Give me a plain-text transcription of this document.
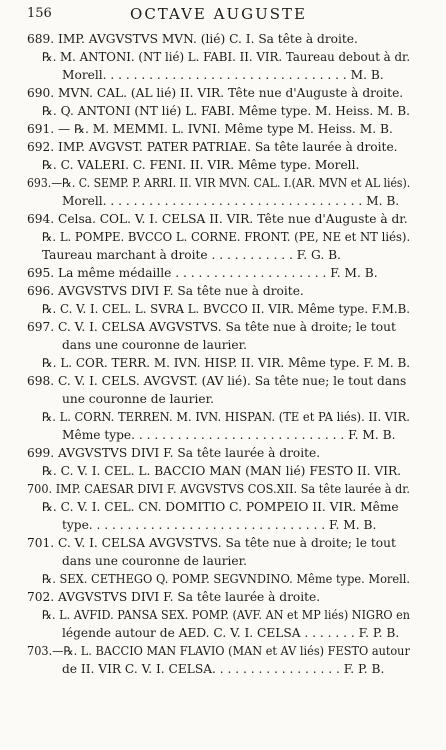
156	OCTAVE AUGUSTE
689. IMP. AVGVSTVS MVN. (lié) C. I. Sa tête à droite.
℞. M. ANTONI. (NT lié) L. FABI. II. VIR. Taureau debout à dr.
Morell. . . . . . . . . . . . . . . . . . . . . . . . . . . . . . . . M. B.
690. MVN. CAL. (AL lié) II. VIR. Tête nue d'Auguste à droite.
℞. Q. ANTONI (NT lié) L. FABI. Même type. M. Heiss. M. B.
691. — ℞. M. MEMMI. L. IVNI. Même type M. Heiss. M. B.
692. IMP. AVGVST. PATER PATRIAE. Sa tête laurée à droite.
℞. C. VALERI. C. FENI. II. VIR. Même type. Morell.
693.—℞. C. SEMP. P. ARRI. II. VIR MVN. CAL. I.(AR. MVN et AL liés).
Morell. . . . . . . . . . . . . . . . . . . . . . . . . . . . . . . . . . M. B.
694. Celsa. COL. V. I. CELSA II. VIR. Tête nue d'Auguste à dr.
℞. L. POMPE. BVCCO L. CORNE. FRONT. (PE, NE et NT liés).
Taureau marchant à droite . . . . . . . . . . . F. G. B.
695. La même médaille . . . . . . . . . . . . . . . . . . . . F. M. B.
696. AVGVSTVS DIVI F. Sa tête nue à droite.
℞. C. V. I. CEL. L. SVRA L. BVCCO II. VIR. Même type. F.M.B.
697. C. V. I. CELSA AVGVSTVS. Sa tête nue à droite; le tout
dans une couronne de laurier.
℞. L. COR. TERR. M. IVN. HISP. II. VIR. Même type. F. M. B.
698. C. V. I. CELS. AVGVST. (AV lié). Sa tête nue; le tout dans
une couronne de laurier.
℞. L. CORN. TERREN. M. IVN. HISPAN. (TE et PA liés). II. VIR.
Même type. . . . . . . . . . . . . . . . . . . . . . . . . . . . F. M. B.
699. AVGVSTVS DIVI F. Sa tête laurée à droite.
℞. C. V. I. CEL. L. BACCIO MAN (MAN lié) FESTO II. VIR.
700. IMP. CAESAR DIVI F. AVGVSTVS COS.XII. Sa tête laurée à dr.
℞. C. V. I. CEL. CN. DOMITIO C. POMPEIO II. VIR. Même
type. . . . . . . . . . . . . . . . . . . . . . . . . . . . . . . F. M. B.
701. C. V. I. CELSA AVGVSTVS. Sa tête nue à droite; le tout
dans une couronne de laurier.
℞. SEX. CETHEGO Q. POMP. SEGVNDINO. Même type. Morell.
702. AVGVSTVS DIVI F. Sa tête laurée à droite.
℞. L. AVFID. PANSA SEX. POMP. (AVF. AN et MP liés) NIGRO en
légende autour de AED. C. V. I. CELSA . . . . . . . F. P. B.
703.—℞. L. BACCIO MAN FLAVIO (MAN et AV liés) FESTO autour
de II. VIR C. V. I. CELSA. . . . . . . . . . . . . . . . . F. P. B.
